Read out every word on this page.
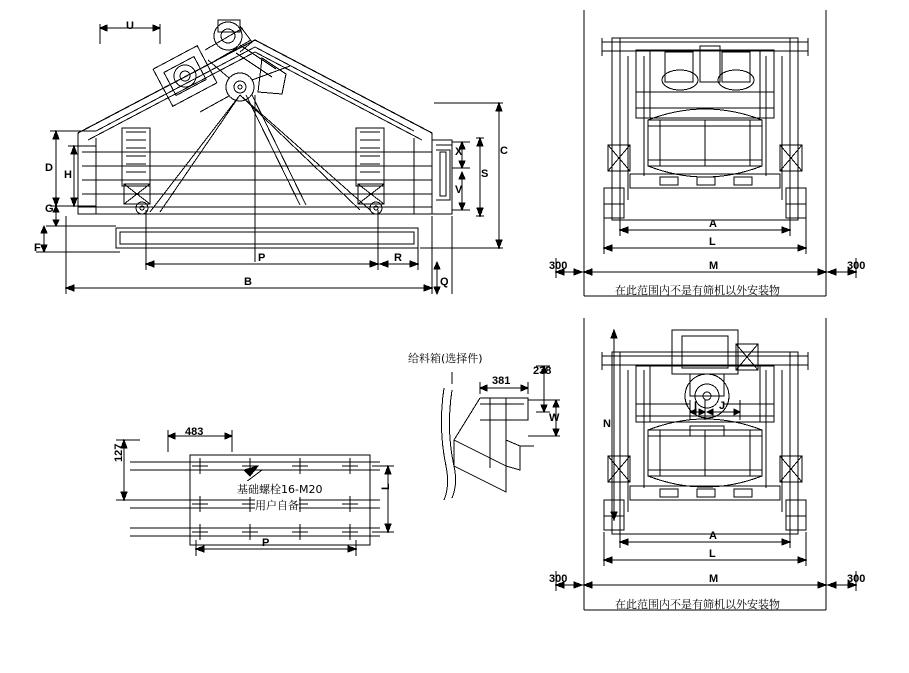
U
D
H
G
F
C
S
X
V
P	R
B	Q
A
L
M
300	300
在此范围内不是有筛机以外安装物
N
I J
A
L
M
300	300
在此范围内不是有筛机以外安装物
给料箱(选择件)
381
238
W
483
127
P
L
基础螺栓16-M20
用户自备
